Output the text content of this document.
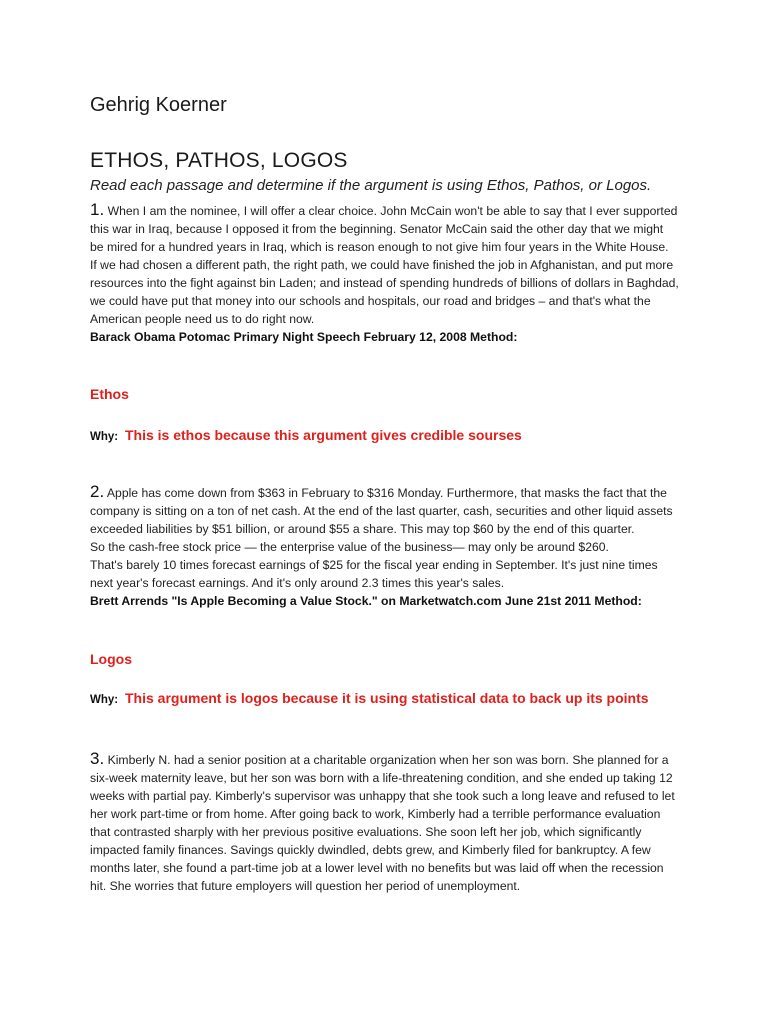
Gehrig Koerner
ETHOS, PATHOS, LOGOS
Read each passage and determine if the argument is using Ethos, Pathos, or Logos.
1. When I am the nominee, I will offer a clear choice. John McCain won't be able to say that I ever supported this war in Iraq, because I opposed it from the beginning. Senator McCain said the other day that we might be mired for a hundred years in Iraq, which is reason enough to not give him four years in the White House.
If we had chosen a different path, the right path, we could have finished the job in Afghanistan, and put more resources into the fight against bin Laden; and instead of spending hundreds of billions of dollars in Baghdad, we could have put that money into our schools and hospitals, our road and bridges – and that's what the American people need us to do right now.
Barack Obama Potomac Primary Night Speech February 12, 2008 Method:
Ethos
Why: This is ethos because this argument gives credible sourses
2. Apple has come down from $363 in February to $316 Monday. Furthermore, that masks the fact that the company is sitting on a ton of net cash. At the end of the last quarter, cash, securities and other liquid assets exceeded liabilities by $51 billion, or around $55 a share. This may top $60 by the end of this quarter.
So the cash-free stock price — the enterprise value of the business— may only be around $260.
That's barely 10 times forecast earnings of $25 for the fiscal year ending in September. It's just nine times next year's forecast earnings. And it's only around 2.3 times this year's sales.
Brett Arrends "Is Apple Becoming a Value Stock." on Marketwatch.com June 21st 2011 Method:
Logos
Why: This argument is logos because it is using statistical data to back up its points
3. Kimberly N. had a senior position at a charitable organization when her son was born. She planned for a six-week maternity leave, but her son was born with a life-threatening condition, and she ended up taking 12 weeks with partial pay. Kimberly's supervisor was unhappy that she took such a long leave and refused to let her work part-time or from home. After going back to work, Kimberly had a terrible performance evaluation that contrasted sharply with her previous positive evaluations. She soon left her job, which significantly impacted family finances. Savings quickly dwindled, debts grew, and Kimberly filed for bankruptcy. A few months later, she found a part-time job at a lower level with no benefits but was laid off when the recession hit. She worries that future employers will question her period of unemployment.
